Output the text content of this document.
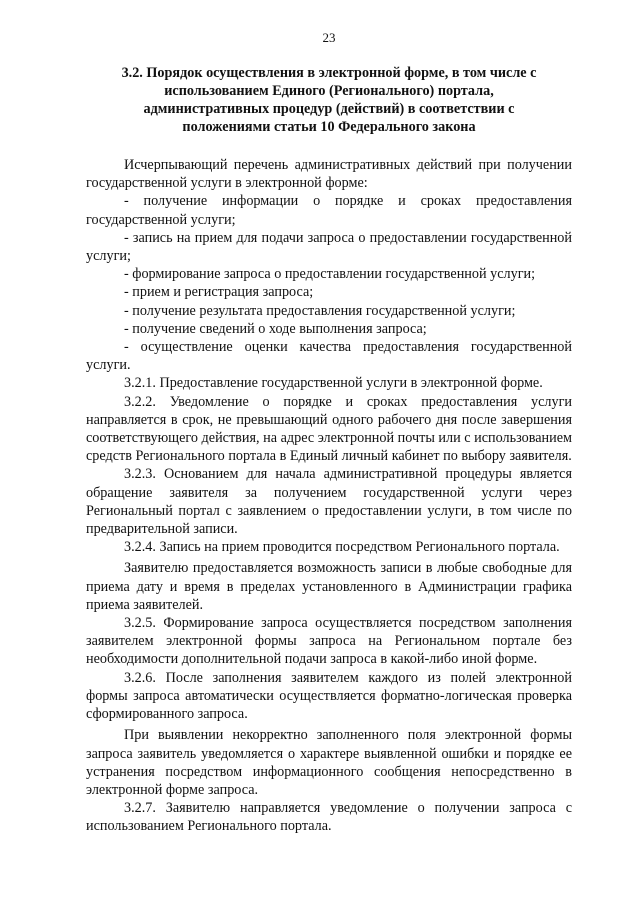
23
3.2. Порядок осуществления в электронной форме, в том числе с
использованием Единого (Регионального) портала,
административных процедур (действий) в соответствии с
положениями статьи 10 Федерального закона

Исчерпывающий перечень административных действий при получении государственной услуги в электронной форме:

- получение информации о порядке и сроках предоставления государственной услуги;

- запись на прием для подачи запроса о предоставлении государственной услуги;

- формирование запроса о предоставлении государственной услуги;

- прием и регистрация запроса;

- получение результата предоставления государственной услуги;

- получение сведений о ходе выполнения запроса;

- осуществление оценки качества предоставления государственной услуги.

3.2.1. Предоставление государственной услуги в электронной форме.

3.2.2. Уведомление о порядке и сроках предоставления услуги направляется в срок, не превышающий одного рабочего дня после завершения соответствующего действия, на адрес электронной почты или с использованием средств Регионального портала в Единый личный кабинет по выбору заявителя.

3.2.3. Основанием для начала административной процедуры является обращение заявителя за получением государственной услуги через Региональный портал с заявлением о предоставлении услуги, в том числе по предварительной записи.

3.2.4. Запись на прием проводится посредством Регионального портала.

Заявителю предоставляется возможность записи в любые свободные для приема дату и время в пределах установленного в Администрации графика приема заявителей.

3.2.5. Формирование запроса осуществляется посредством заполнения заявителем электронной формы запроса на Региональном портале без необходимости дополнительной подачи запроса в какой-либо иной форме.

3.2.6. После заполнения заявителем каждого из полей электронной формы запроса автоматически осуществляется форматно-логическая проверка сформированного запроса.

При выявлении некорректно заполненного поля электронной формы запроса заявитель уведомляется о характере выявленной ошибки и порядке ее устранения посредством информационного сообщения непосредственно в электронной форме запроса.

3.2.7. Заявителю направляется уведомление о получении запроса с использованием Регионального портала.
